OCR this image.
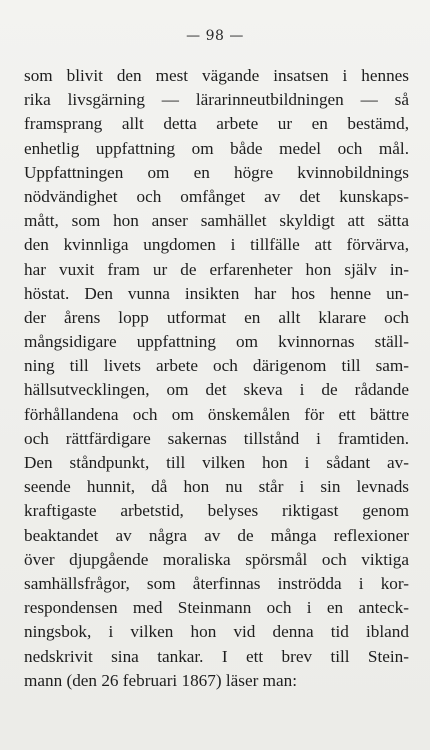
— 98 —
som blivit den mest vägande insatsen i hennes
rika livsgärning — lärarinneutbildningen — så
framsprang allt detta arbete ur en bestämd,
enhetlig uppfattning om både medel och mål.
Uppfattningen om en högre kvinnobildnings
nödvändighet och omfånget av det kunskaps-
mått, som hon anser samhället skyldigt att sätta
den kvinnliga ungdomen i tillfälle att förvärva,
har vuxit fram ur de erfarenheter hon själv in-
höstat. Den vunna insikten har hos henne un-
der årens lopp utformat en allt klarare och
mångsidigare uppfattning om kvinnornas ställ-
ning till livets arbete och därigenom till sam-
hällsutvecklingen, om det skeva i de rådande
förhållandena och om önskemålen för ett bättre
och rättfärdigare sakernas tillstånd i framtiden.
Den ståndpunkt, till vilken hon i sådant av-
seende hunnit, då hon nu står i sin levnads
kraftigaste arbetstid, belyses riktigast genom
beaktandet av några av de många reflexioner
över djupgående moraliska spörsmål och viktiga
samhällsfrågor, som återfinnas inströdda i kor-
respondensen med Steinmann och i en anteck-
ningsbok, i vilken hon vid denna tid ibland
nedskrivit sina tankar. I ett brev till Stein-
mann (den 26 februari 1867) läser man:
